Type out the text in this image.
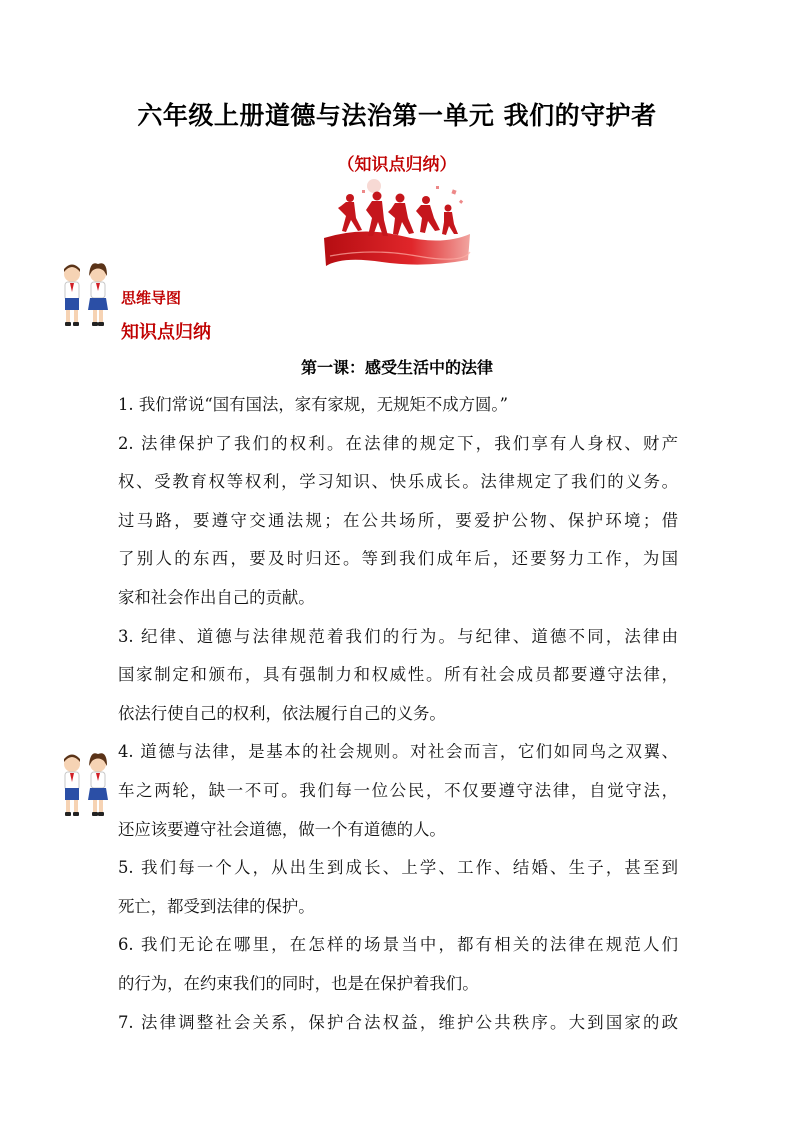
六年级上册道德与法治第一单元 我们的守护者
（知识点归纳）
思维导图
知识点归纳
第一课：感受生活中的法律
1. 我们常说“国有国法，家有家规，无规矩不成方圆。”
2. 法律保护了我们的权利。在法律的规定下，我们享有人身权、财产
权、受教育权等权利，学习知识、快乐成长。法律规定了我们的义务。
过马路，要遵守交通法规；在公共场所，要爱护公物、保护环境；借
了别人的东西，要及时归还。等到我们成年后，还要努力工作，为国
家和社会作出自己的贡献。
3. 纪律、道德与法律规范着我们的行为。与纪律、道德不同，法律由
国家制定和颁布，具有强制力和权威性。所有社会成员都要遵守法律，
依法行使自己的权利，依法履行自己的义务。
4. 道德与法律，是基本的社会规则。对社会而言，它们如同鸟之双翼、
车之两轮，缺一不可。我们每一位公民，不仅要遵守法律，自觉守法，
还应该要遵守社会道德，做一个有道德的人。
5. 我们每一个人，从出生到成长、上学、工作、结婚、生子，甚至到
死亡，都受到法律的保护。
6. 我们无论在哪里，在怎样的场景当中，都有相关的法律在规范人们
的行为，在约束我们的同时，也是在保护着我们。
7. 法律调整社会关系，保护合法权益，维护公共秩序。大到国家的政
